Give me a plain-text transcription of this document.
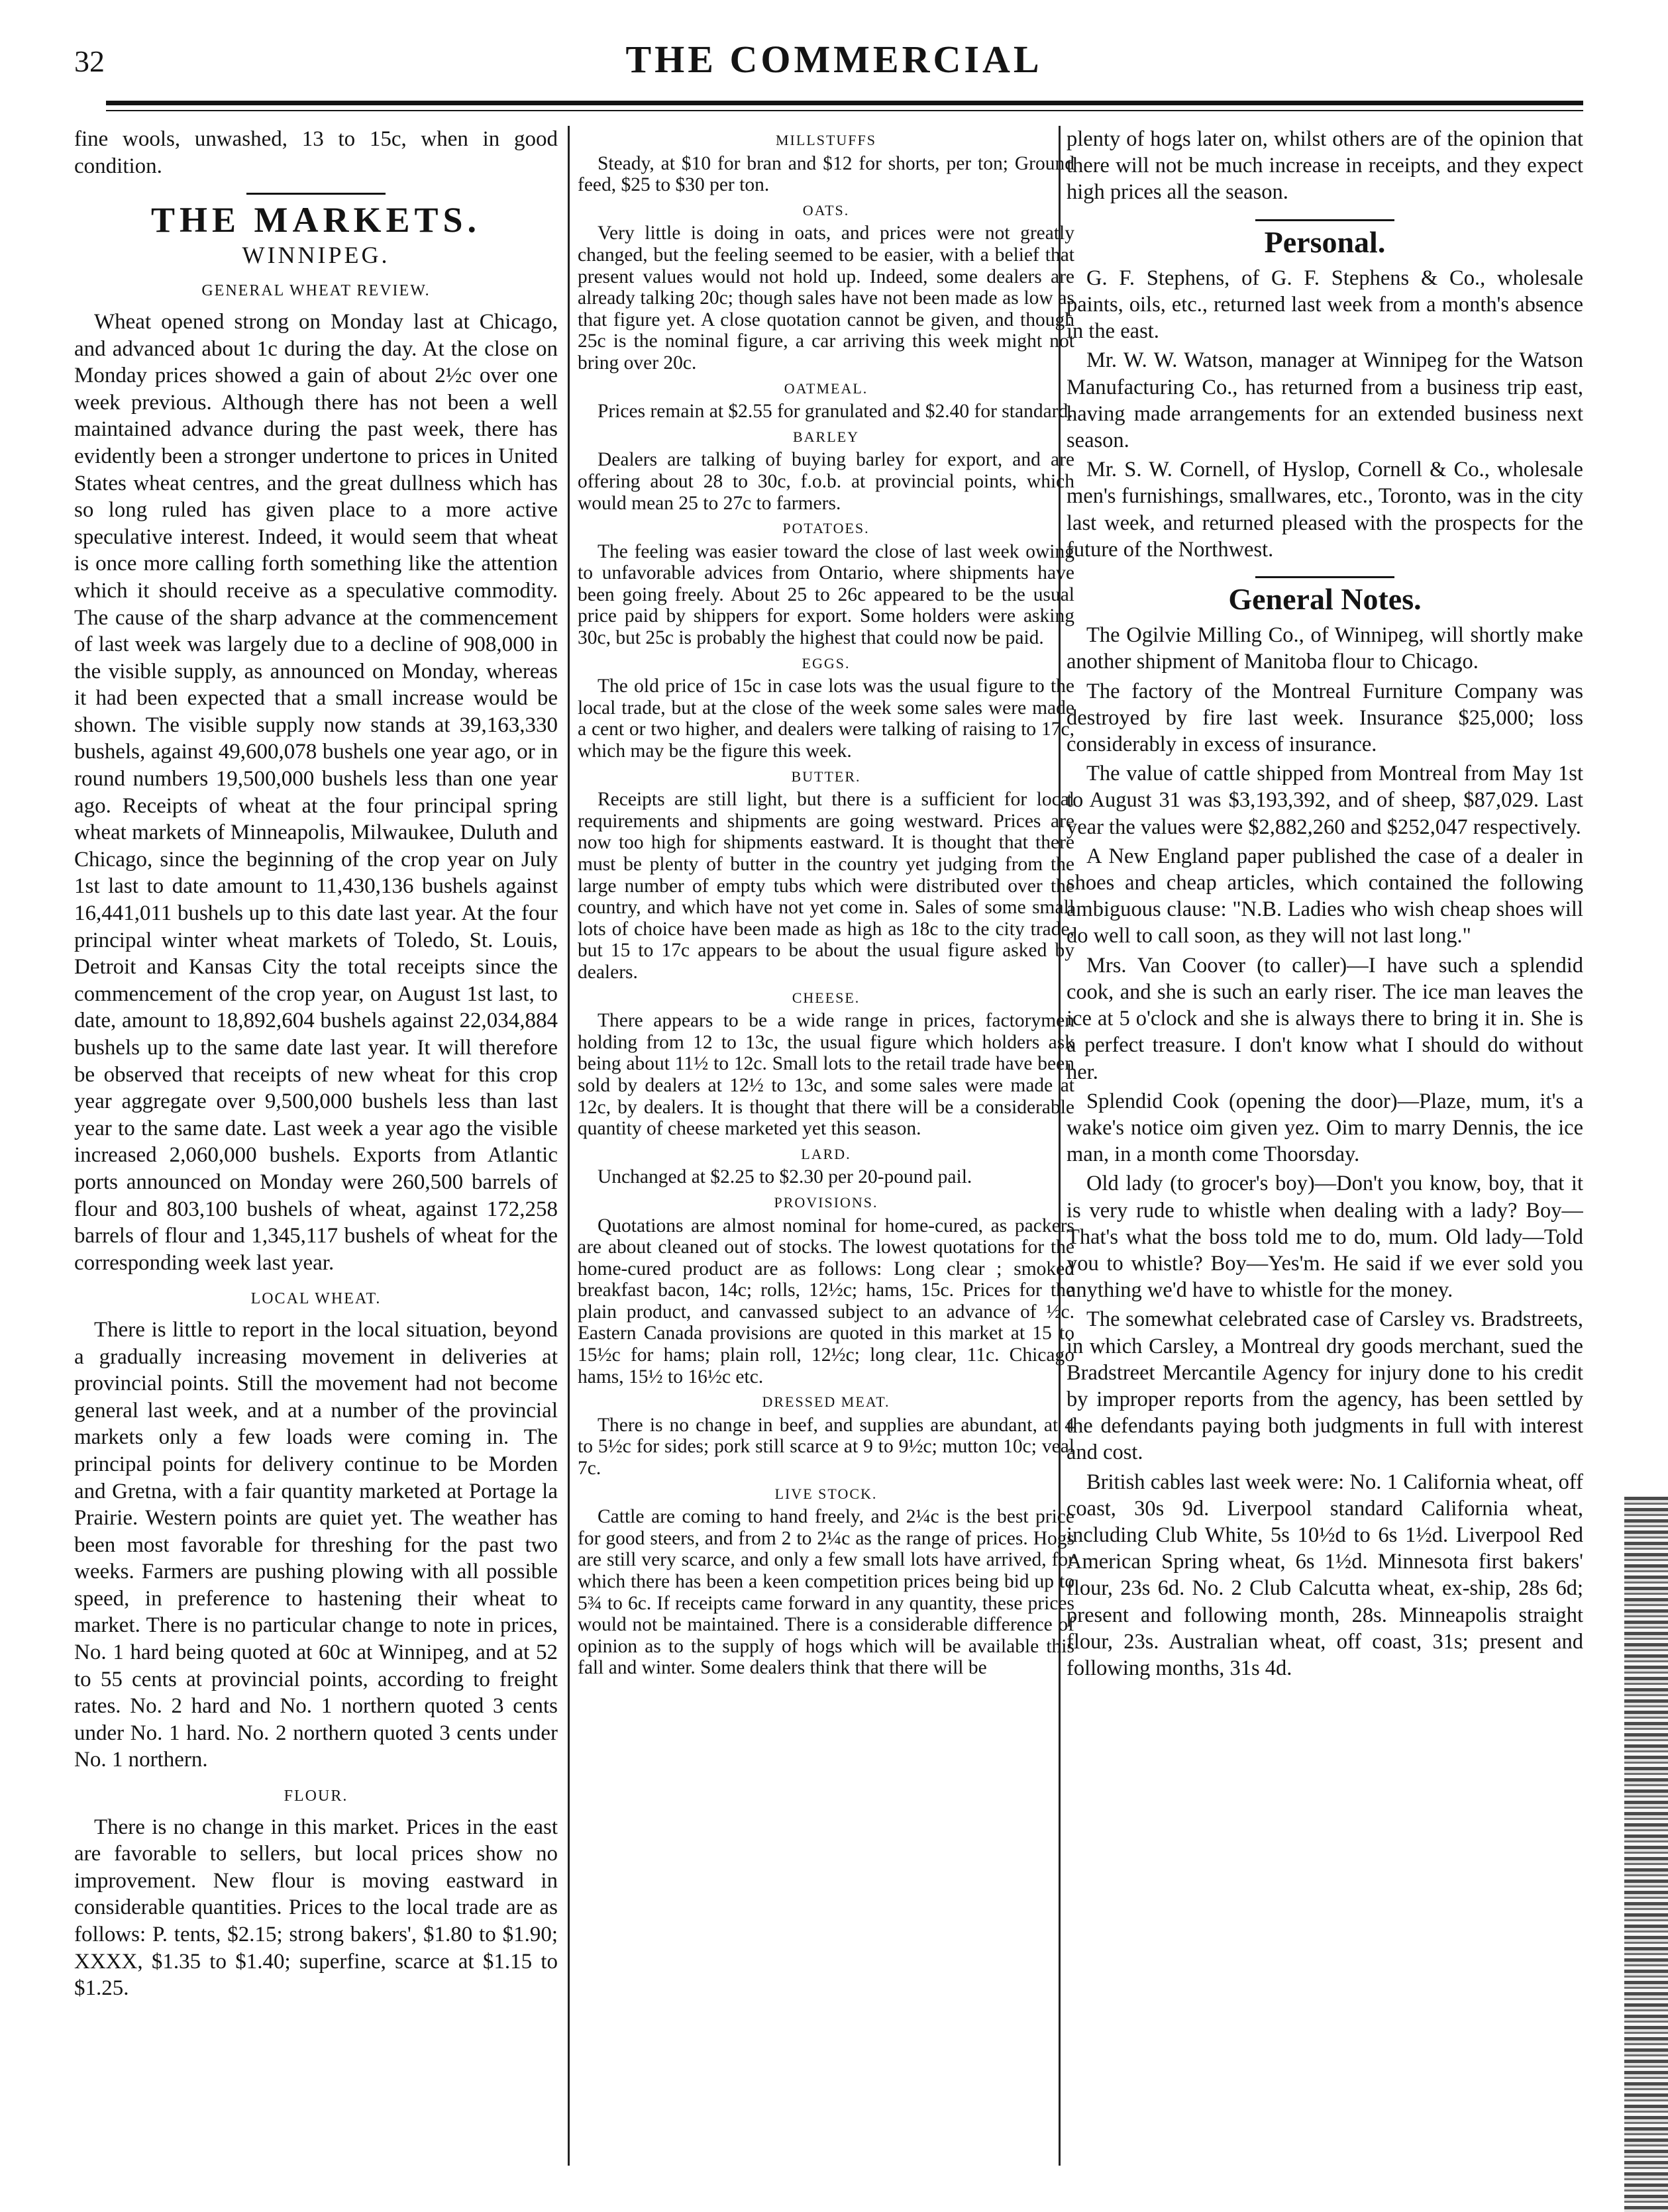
32	THE COMMERCIAL

fine wools, unwashed, 13 to 15c, when in good condition.

THE MARKETS.
WINNIPEG.
GENERAL WHEAT REVIEW.

Wheat opened strong on Monday last at Chicago, and advanced about 1c during the day. At the close on Monday prices showed a gain of about 2½c over one week previous. Although there has not been a well maintained advance during the past week, there has evidently been a stronger undertone to prices in United States wheat centres, and the great dullness which has so long ruled has given place to a more active speculative interest. Indeed, it would seem that wheat is once more calling forth something like the attention which it should receive as a speculative commodity. The cause of the sharp advance at the commencement of last week was largely due to a decline of 908,000 in the visible supply, as announced on Monday, whereas it had been expected that a small increase would be shown. The visible supply now stands at 39,163,330 bushels, against 49,600,078 bushels one year ago, or in round numbers 19,500,000 bushels less than one year ago. Receipts of wheat at the four principal spring wheat markets of Minneapolis, Milwaukee, Duluth and Chicago, since the beginning of the crop year on July 1st last to date amount to 11,430,136 bushels against 16,441,011 bushels up to this date last year. At the four principal winter wheat markets of Toledo, St. Louis, Detroit and Kansas City the total receipts since the commencement of the crop year, on August 1st last, to date, amount to 18,892,604 bushels against 22,034,884 bushels up to the same date last year. It will therefore be observed that receipts of new wheat for this crop year aggregate over 9,500,000 bushels less than last year to the same date. Last week a year ago the visible increased 2,060,000 bushels. Exports from Atlantic ports announced on Monday were 260,500 barrels of flour and 803,100 bushels of wheat, against 172,258 barrels of flour and 1,345,117 bushels of wheat for the corresponding week last year.

LOCAL WHEAT.

There is little to report in the local situation, beyond a gradually increasing movement in deliveries at provincial points. Still the movement had not become general last week, and at a number of the provincial markets only a few loads were coming in. The principal points for delivery continue to be Morden and Gretna, with a fair quantity marketed at Portage la Prairie. Western points are quiet yet. The weather has been most favorable for threshing for the past two weeks. Farmers are pushing plowing with all possible speed, in preference to hastening their wheat to market. There is no particular change to note in prices, No. 1 hard being quoted at 60c at Winnipeg, and at 52 to 55 cents at provincial points, according to freight rates. No. 2 hard and No. 1 northern quoted 3 cents under No. 1 hard. No. 2 northern quoted 3 cents under No. 1 northern.

FLOUR.

There is no change in this market. Prices in the east are favorable to sellers, but local prices show no improvement. New flour is moving eastward in considerable quantities. Prices to the local trade are as follows: P. tents, $2.15; strong bakers', $1.80 to $1.90; XXXX, $1.35 to $1.40; superfine, scarce at $1.15 to $1.25.

MILLSTUFFS

Steady, at $10 for bran and $12 for shorts, per ton; Ground feed, $25 to $30 per ton.

OATS.

Very little is doing in oats, and prices were not greatly changed, but the feeling seemed to be easier, with a belief that present values would not hold up. Indeed, some dealers are already talking 20c; though sales have not been made as low as that figure yet. A close quotation cannot be given, and though 25c is the nominal figure, a car arriving this week might not bring over 20c.

OATMEAL.

Prices remain at $2.55 for granulated and $2.40 for standard.

BARLEY

Dealers are talking of buying barley for export, and are offering about 28 to 30c, f.o.b. at provincial points, which would mean 25 to 27c to farmers.

POTATOES.

The feeling was easier toward the close of last week owing to unfavorable advices from Ontario, where shipments have been going freely. About 25 to 26c appeared to be the usual price paid by shippers for export. Some holders were asking 30c, but 25c is probably the highest that could now be paid.

EGGS.

The old price of 15c in case lots was the usual figure to the local trade, but at the close of the week some sales were made a cent or two higher, and dealers were talking of raising to 17c, which may be the figure this week.

BUTTER.

Receipts are still light, but there is a sufficient for local requirements and shipments are going westward. Prices are now too high for shipments eastward. It is thought that there must be plenty of butter in the country yet judging from the large number of empty tubs which were distributed over the country, and which have not yet come in. Sales of some small lots of choice have been made as high as 18c to the city trade, but 15 to 17c appears to be about the usual figure asked by dealers.

CHEESE.

There appears to be a wide range in prices, factorymen holding from 12 to 13c, the usual figure which holders ask being about 11½ to 12c. Small lots to the retail trade have been sold by dealers at 12½ to 13c, and some sales were made at 12c, by dealers. It is thought that there will be a considerable quantity of cheese marketed yet this season.

LARD.

Unchanged at $2.25 to $2.30 per 20-pound pail.

PROVISIONS.

Quotations are almost nominal for home-cured, as packers are about cleaned out of stocks. The lowest quotations for the home-cured product are as follows: Long clear ; smoked breakfast bacon, 14c; rolls, 12½c; hams, 15c. Prices for the plain product, and canvassed subject to an advance of ½c. Eastern Canada provisions are quoted in this market at 15 to 15½c for hams; plain roll, 12½c; long clear, 11c. Chicago hams, 15½ to 16½c etc.

DRESSED MEAT.

There is no change in beef, and supplies are abundant, at 4 to 5½c for sides; pork still scarce at 9 to 9½c; mutton 10c; veal 7c.

LIVE STOCK.

Cattle are coming to hand freely, and 2¼c is the best price for good steers, and from 2 to 2¼c as the range of prices. Hogs are still very scarce, and only a few small lots have arrived, for which there has been a keen competition prices being bid up to 5¾ to 6c. If receipts came forward in any quantity, these prices would not be maintained. There is a considerable difference of opinion as to the supply of hogs which will be available this fall and winter. Some dealers think that there will be

plenty of hogs later on, whilst others are of the opinion that there will not be much increase in receipts, and they expect high prices all the season.

Personal.

G. F. Stephens, of G. F. Stephens & Co., wholesale paints, oils, etc., returned last week from a month's absence in the east.

Mr. W. W. Watson, manager at Winnipeg for the Watson Manufacturing Co., has returned from a business trip east, having made arrangements for an extended business next season.

Mr. S. W. Cornell, of Hyslop, Cornell & Co., wholesale men's furnishings, smallwares, etc., Toronto, was in the city last week, and returned pleased with the prospects for the future of the Northwest.

General Notes.

The Ogilvie Milling Co., of Winnipeg, will shortly make another shipment of Manitoba flour to Chicago.

The factory of the Montreal Furniture Company was destroyed by fire last week. Insurance $25,000; loss considerably in excess of insurance.

The value of cattle shipped from Montreal from May 1st to August 31 was $3,193,392, and of sheep, $87,029. Last year the values were $2,882,260 and $252,047 respectively.

A New England paper published the case of a dealer in shoes and cheap articles, which contained the following ambiguous clause: "N.B. Ladies who wish cheap shoes will do well to call soon, as they will not last long."

Mrs. Van Coover (to caller)—I have such a splendid cook, and she is such an early riser. The ice man leaves the ice at 5 o'clock and she is always there to bring it in. She is a perfect treasure. I don't know what I should do without her.

Splendid Cook (opening the door)—Plaze, mum, it's a wake's notice oim given yez. Oim to marry Dennis, the ice man, in a month come Thoorsday.

Old lady (to grocer's boy)—Don't you know, boy, that it is very rude to whistle when dealing with a lady? Boy—That's what the boss told me to do, mum. Old lady—Told you to whistle? Boy—Yes'm. He said if we ever sold you anything we'd have to whistle for the money.

The somewhat celebrated case of Carsley vs. Bradstreets, in which Carsley, a Montreal dry goods merchant, sued the Bradstreet Mercantile Agency for injury done to his credit by improper reports from the agency, has been settled by the defendants paying both judgments in full with interest and cost.

British cables last week were: No. 1 California wheat, off coast, 30s 9d. Liverpool standard California wheat, including Club White, 5s 10½d to 6s 1½d. Liverpool Red American Spring wheat, 6s 1½d. Minnesota first bakers' flour, 23s 6d. No. 2 Club Calcutta wheat, ex-ship, 28s 6d; present and following month, 28s. Minneapolis straight flour, 23s. Australian wheat, off coast, 31s; present and following months, 31s 4d.
